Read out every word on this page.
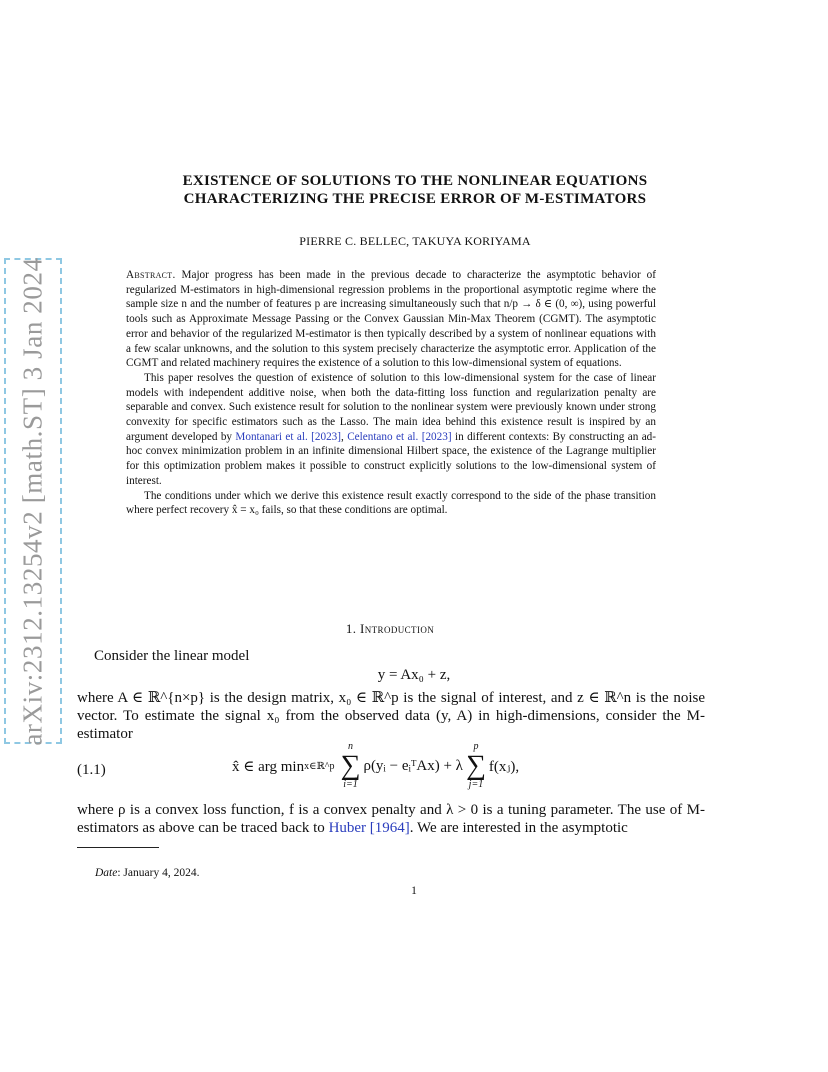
arXiv:2312.13254v2 [math.ST] 3 Jan 2024
EXISTENCE OF SOLUTIONS TO THE NONLINEAR EQUATIONS
CHARACTERIZING THE PRECISE ERROR OF M-ESTIMATORS
PIERRE C. BELLEC, TAKUYA KORIYAMA

Abstract. Major progress has been made in the previous decade to characterize the asymptotic behavior of regularized M-estimators in high-dimensional regression problems in the proportional asymptotic regime where the sample size n and the number of features p are increasing simultaneously such that n/p → δ ∈ (0, ∞), using powerful tools such as Approximate Message Passing or the Convex Gaussian Min-Max Theorem (CGMT). The asymptotic error and behavior of the regularized M-estimator is then typically described by a system of nonlinear equations with a few scalar unknowns, and the solution to this system precisely characterize the asymptotic error. Application of the CGMT and related machinery requires the existence of a solution to this low-dimensional system of equations.

This paper resolves the question of existence of solution to this low-dimensional system for the case of linear models with independent additive noise, when both the data-fitting loss function and regularization penalty are separable and convex. Such existence result for solution to the nonlinear system were previously known under strong convexity for specific estimators such as the Lasso. The main idea behind this existence result is inspired by an argument developed by Montanari et al. [2023], Celentano et al. [2023] in different contexts: By constructing an ad-hoc convex minimization problem in an infinite dimensional Hilbert space, the existence of the Lagrange multiplier for this optimization problem makes it possible to construct explicitly solutions to the low-dimensional system of interest.

The conditions under which we derive this existence result exactly correspond to the side of the phase transition where perfect recovery x̂ = x₀ fails, so that these conditions are optimal.

1. Introduction
Consider the linear model
y = Ax₀ + z,
where A ∈ ℝ^{n×p} is the design matrix, x₀ ∈ ℝ^p is the signal of interest, and z ∈ ℝ^n is the noise vector. To estimate the signal x₀ from the observed data (y, A) in high-dimensions, consider the M-estimator
(1.1)	x̂ ∈ arg min x∈ℝ^p
n
∑
i=1
ρ(yᵢ − eᵢᵀAx) + λ
p
∑
j=1
f(xⱼ),
where ρ is a convex loss function, f is a convex penalty and λ > 0 is a tuning parameter. The use of M-estimators as above can be traced back to Huber [1964]. We are interested in the asymptotic
Date: January 4, 2024.
1
